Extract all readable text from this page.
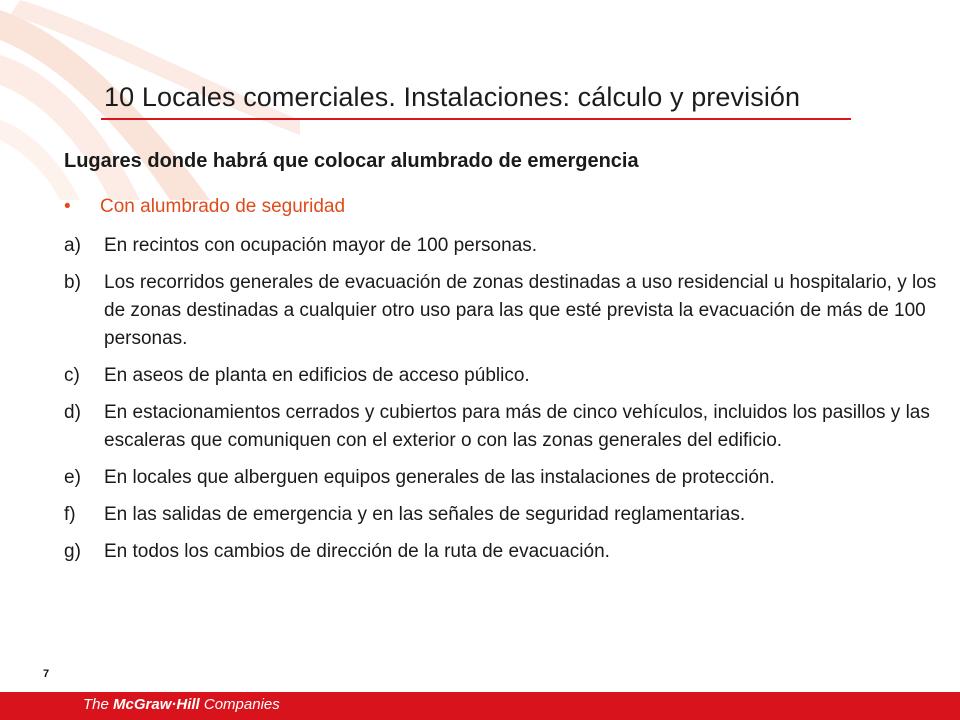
10 Locales comerciales. Instalaciones: cálculo y previsión
Lugares donde habrá que colocar alumbrado de emergencia
• Con alumbrado de seguridad
a) En recintos con ocupación mayor de 100 personas.
b) Los recorridos generales de evacuación de zonas destinadas a uso residencial u hospitalario, y los de zonas destinadas a cualquier otro uso para las que esté prevista la evacuación de más de 100 personas.
c) En aseos de planta en edificios de acceso público.
d) En estacionamientos cerrados y cubiertos para más de cinco vehículos, incluidos los pasillos y las escaleras que comuniquen con el exterior o con las zonas generales del edificio.
e) En locales que alberguen equipos generales de las instalaciones de protección.
f) En las salidas de emergencia y en las señales de seguridad reglamentarias.
g) En todos los cambios de dirección de la ruta de evacuación.
7
The McGraw·Hill Companies
